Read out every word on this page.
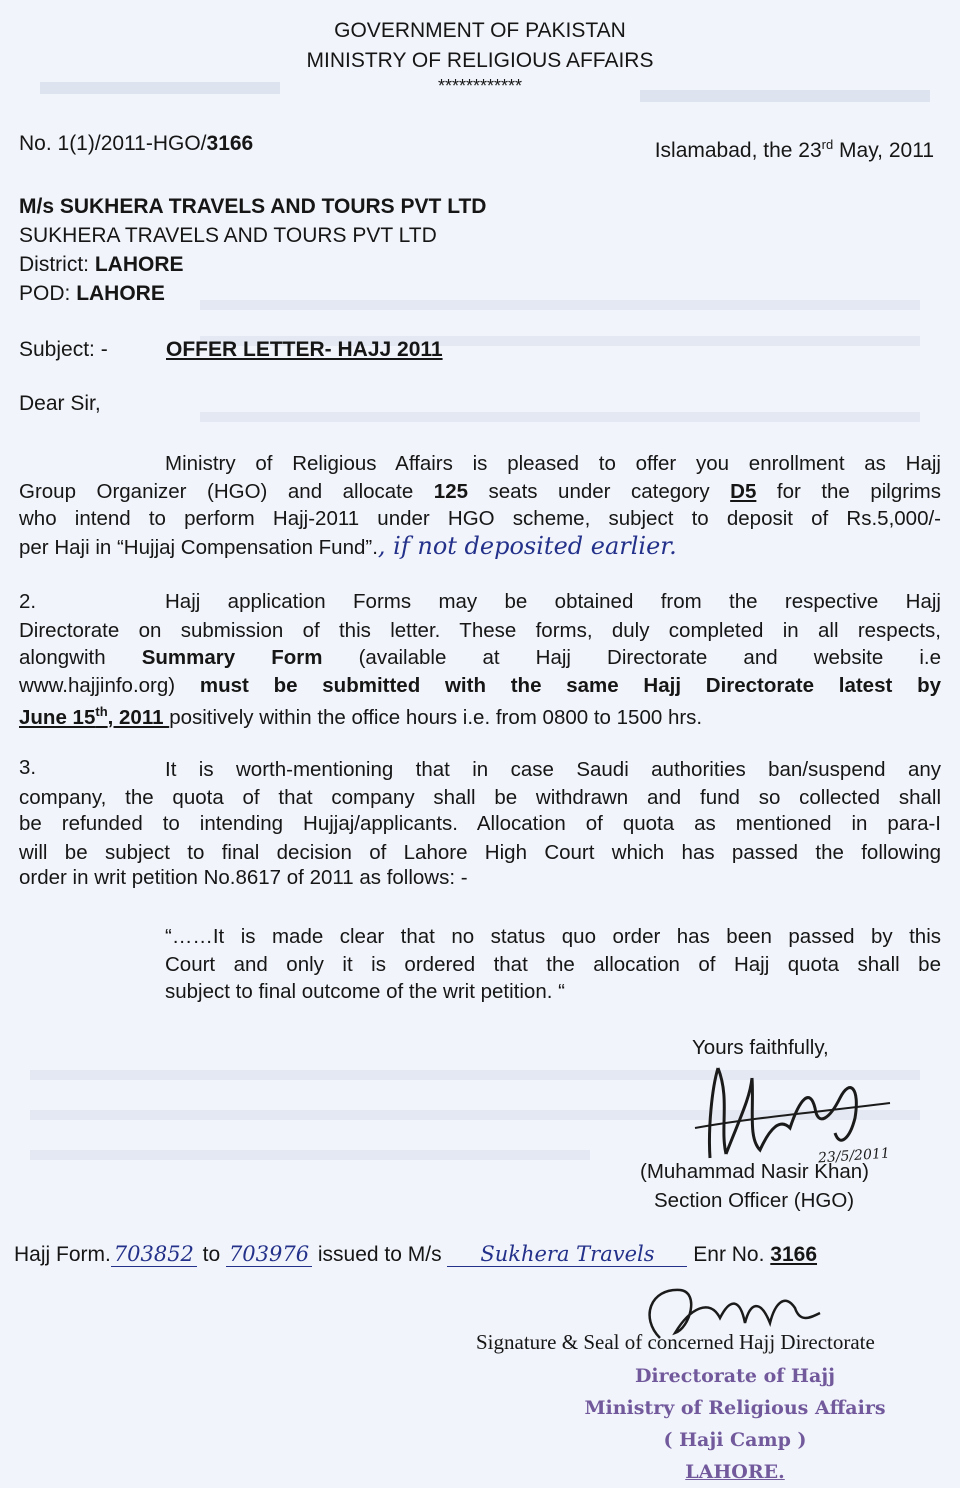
GOVERNMENT OF PAKISTAN
MINISTRY OF RELIGIOUS AFFAIRS
************
No. 1(1)/2011-HGO/3166	Islamabad, the 23rd May, 2011
M/s SUKHERA TRAVELS AND TOURS PVT LTD
SUKHERA TRAVELS AND TOURS PVT LTD
District: LAHORE
POD: LAHORE
Subject: -	OFFER LETTER- HAJJ 2011
Dear Sir,
Ministry of Religious Affairs is pleased to offer you enrollment as Hajj
Group Organizer (HGO) and allocate 125 seats under category D5 for the pilgrims
who intend to perform Hajj-2011 under HGO scheme, subject to deposit of Rs.5,000/-
per Haji in “Hujjaj Compensation Fund”., if not deposited earlier.
2.	Hajj application Forms may be obtained from the respective Hajj
Directorate on submission of this letter. These forms, duly completed in all respects,
alongwith Summary Form (available at Hajj Directorate and website i.e
www.hajjinfo.org) must be submitted with the same Hajj Directorate latest by
June 15th, 2011 positively within the office hours i.e. from 0800 to 1500 hrs.
3.	It is worth-mentioning that in case Saudi authorities ban/suspend any
company, the quota of that company shall be withdrawn and fund so collected shall
be refunded to intending Hujjaj/applicants. Allocation of quota as mentioned in para-I
will be subject to final decision of Lahore High Court which has passed the following
order in writ petition No.8617 of 2011 as follows: -
“……It is made clear that no status quo order has been passed by this
Court and only it is ordered that the allocation of Hajj quota shall be
subject to final outcome of the writ petition. “
Yours faithfully,
23/5/2011
(Muhammad Nasir Khan)
Section Officer (HGO)
Hajj Form. 703852 to 703976 issued to M/s Sukhera Travels Enr No. 3166
Signature & Seal of concerned Hajj Directorate
Directorate of Hajj
Ministry of Religious Affairs
( Haji Camp )
LAHORE.
